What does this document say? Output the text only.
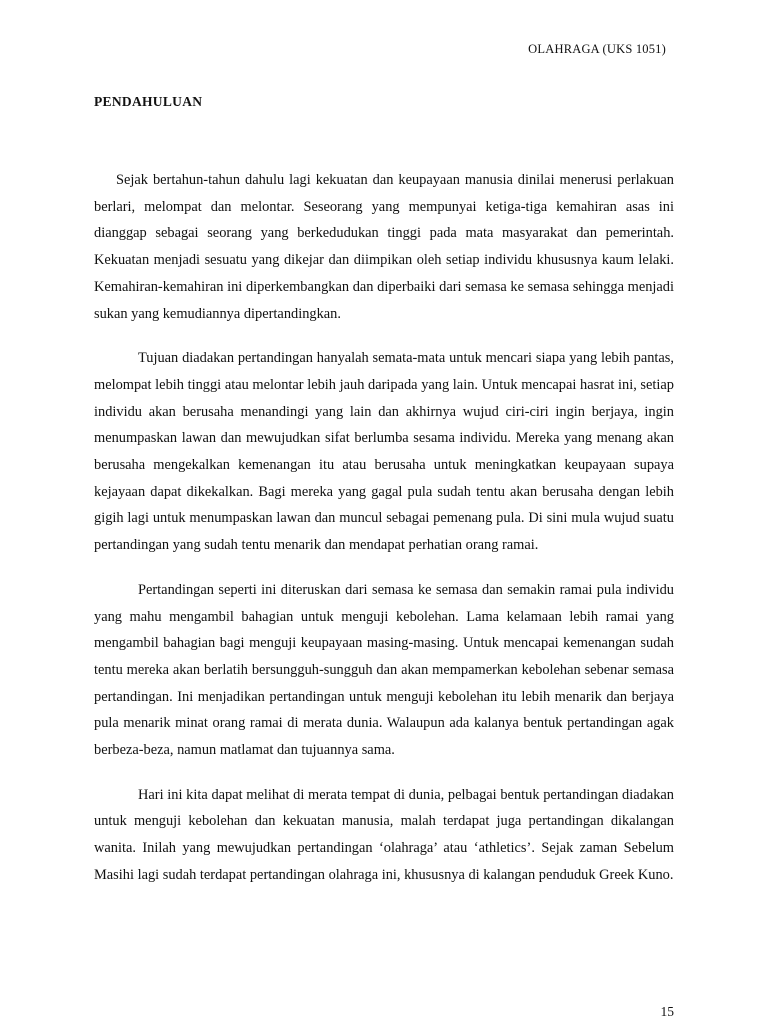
OLAHRAGA (UKS 1051)
PENDAHULUAN

Sejak bertahun-tahun dahulu lagi kekuatan dan keupayaan manusia dinilai menerusi perlakuan berlari, melompat dan melontar. Seseorang yang mempunyai ketiga-tiga kemahiran asas ini dianggap sebagai seorang yang berkedudukan tinggi pada mata masyarakat dan pemerintah. Kekuatan menjadi sesuatu yang dikejar dan diimpikan oleh setiap individu khususnya kaum lelaki. Kemahiran-kemahiran ini diperkembangkan dan diperbaiki dari semasa ke semasa sehingga menjadi sukan yang kemudiannya dipertandingkan.

Tujuan diadakan pertandingan hanyalah semata-mata untuk mencari siapa yang lebih pantas, melompat lebih tinggi atau melontar lebih jauh daripada yang lain. Untuk mencapai hasrat ini, setiap individu akan berusaha menandingi yang lain dan akhirnya wujud ciri-ciri ingin berjaya, ingin menumpaskan lawan dan mewujudkan sifat berlumba sesama individu. Mereka yang menang akan berusaha mengekalkan kemenangan itu atau berusaha untuk meningkatkan keupayaan supaya kejayaan dapat dikekalkan. Bagi mereka yang gagal pula sudah tentu akan berusaha dengan lebih gigih lagi untuk menumpaskan lawan dan muncul sebagai pemenang pula. Di sini mula wujud suatu pertandingan yang sudah tentu menarik dan mendapat perhatian orang ramai.

Pertandingan seperti ini diteruskan dari semasa ke semasa dan semakin ramai pula individu yang mahu mengambil bahagian untuk menguji kebolehan. Lama kelamaan lebih ramai yang mengambil bahagian bagi menguji keupayaan masing-masing. Untuk mencapai kemenangan sudah tentu mereka akan berlatih bersungguh-sungguh dan akan mempamerkan kebolehan sebenar semasa pertandingan. Ini menjadikan pertandingan untuk menguji kebolehan itu lebih menarik dan berjaya pula menarik minat orang ramai di merata dunia. Walaupun ada kalanya bentuk pertandingan agak berbeza-beza, namun matlamat dan tujuannya sama.

Hari ini kita dapat melihat di merata tempat di dunia, pelbagai bentuk pertandingan diadakan untuk menguji kebolehan dan kekuatan manusia, malah terdapat juga pertandingan dikalangan wanita. Inilah yang mewujudkan pertandingan ‘olahraga’ atau ‘athletics’. Sejak zaman Sebelum Masihi lagi sudah terdapat pertandingan olahraga ini, khususnya di kalangan penduduk Greek Kuno.

15
